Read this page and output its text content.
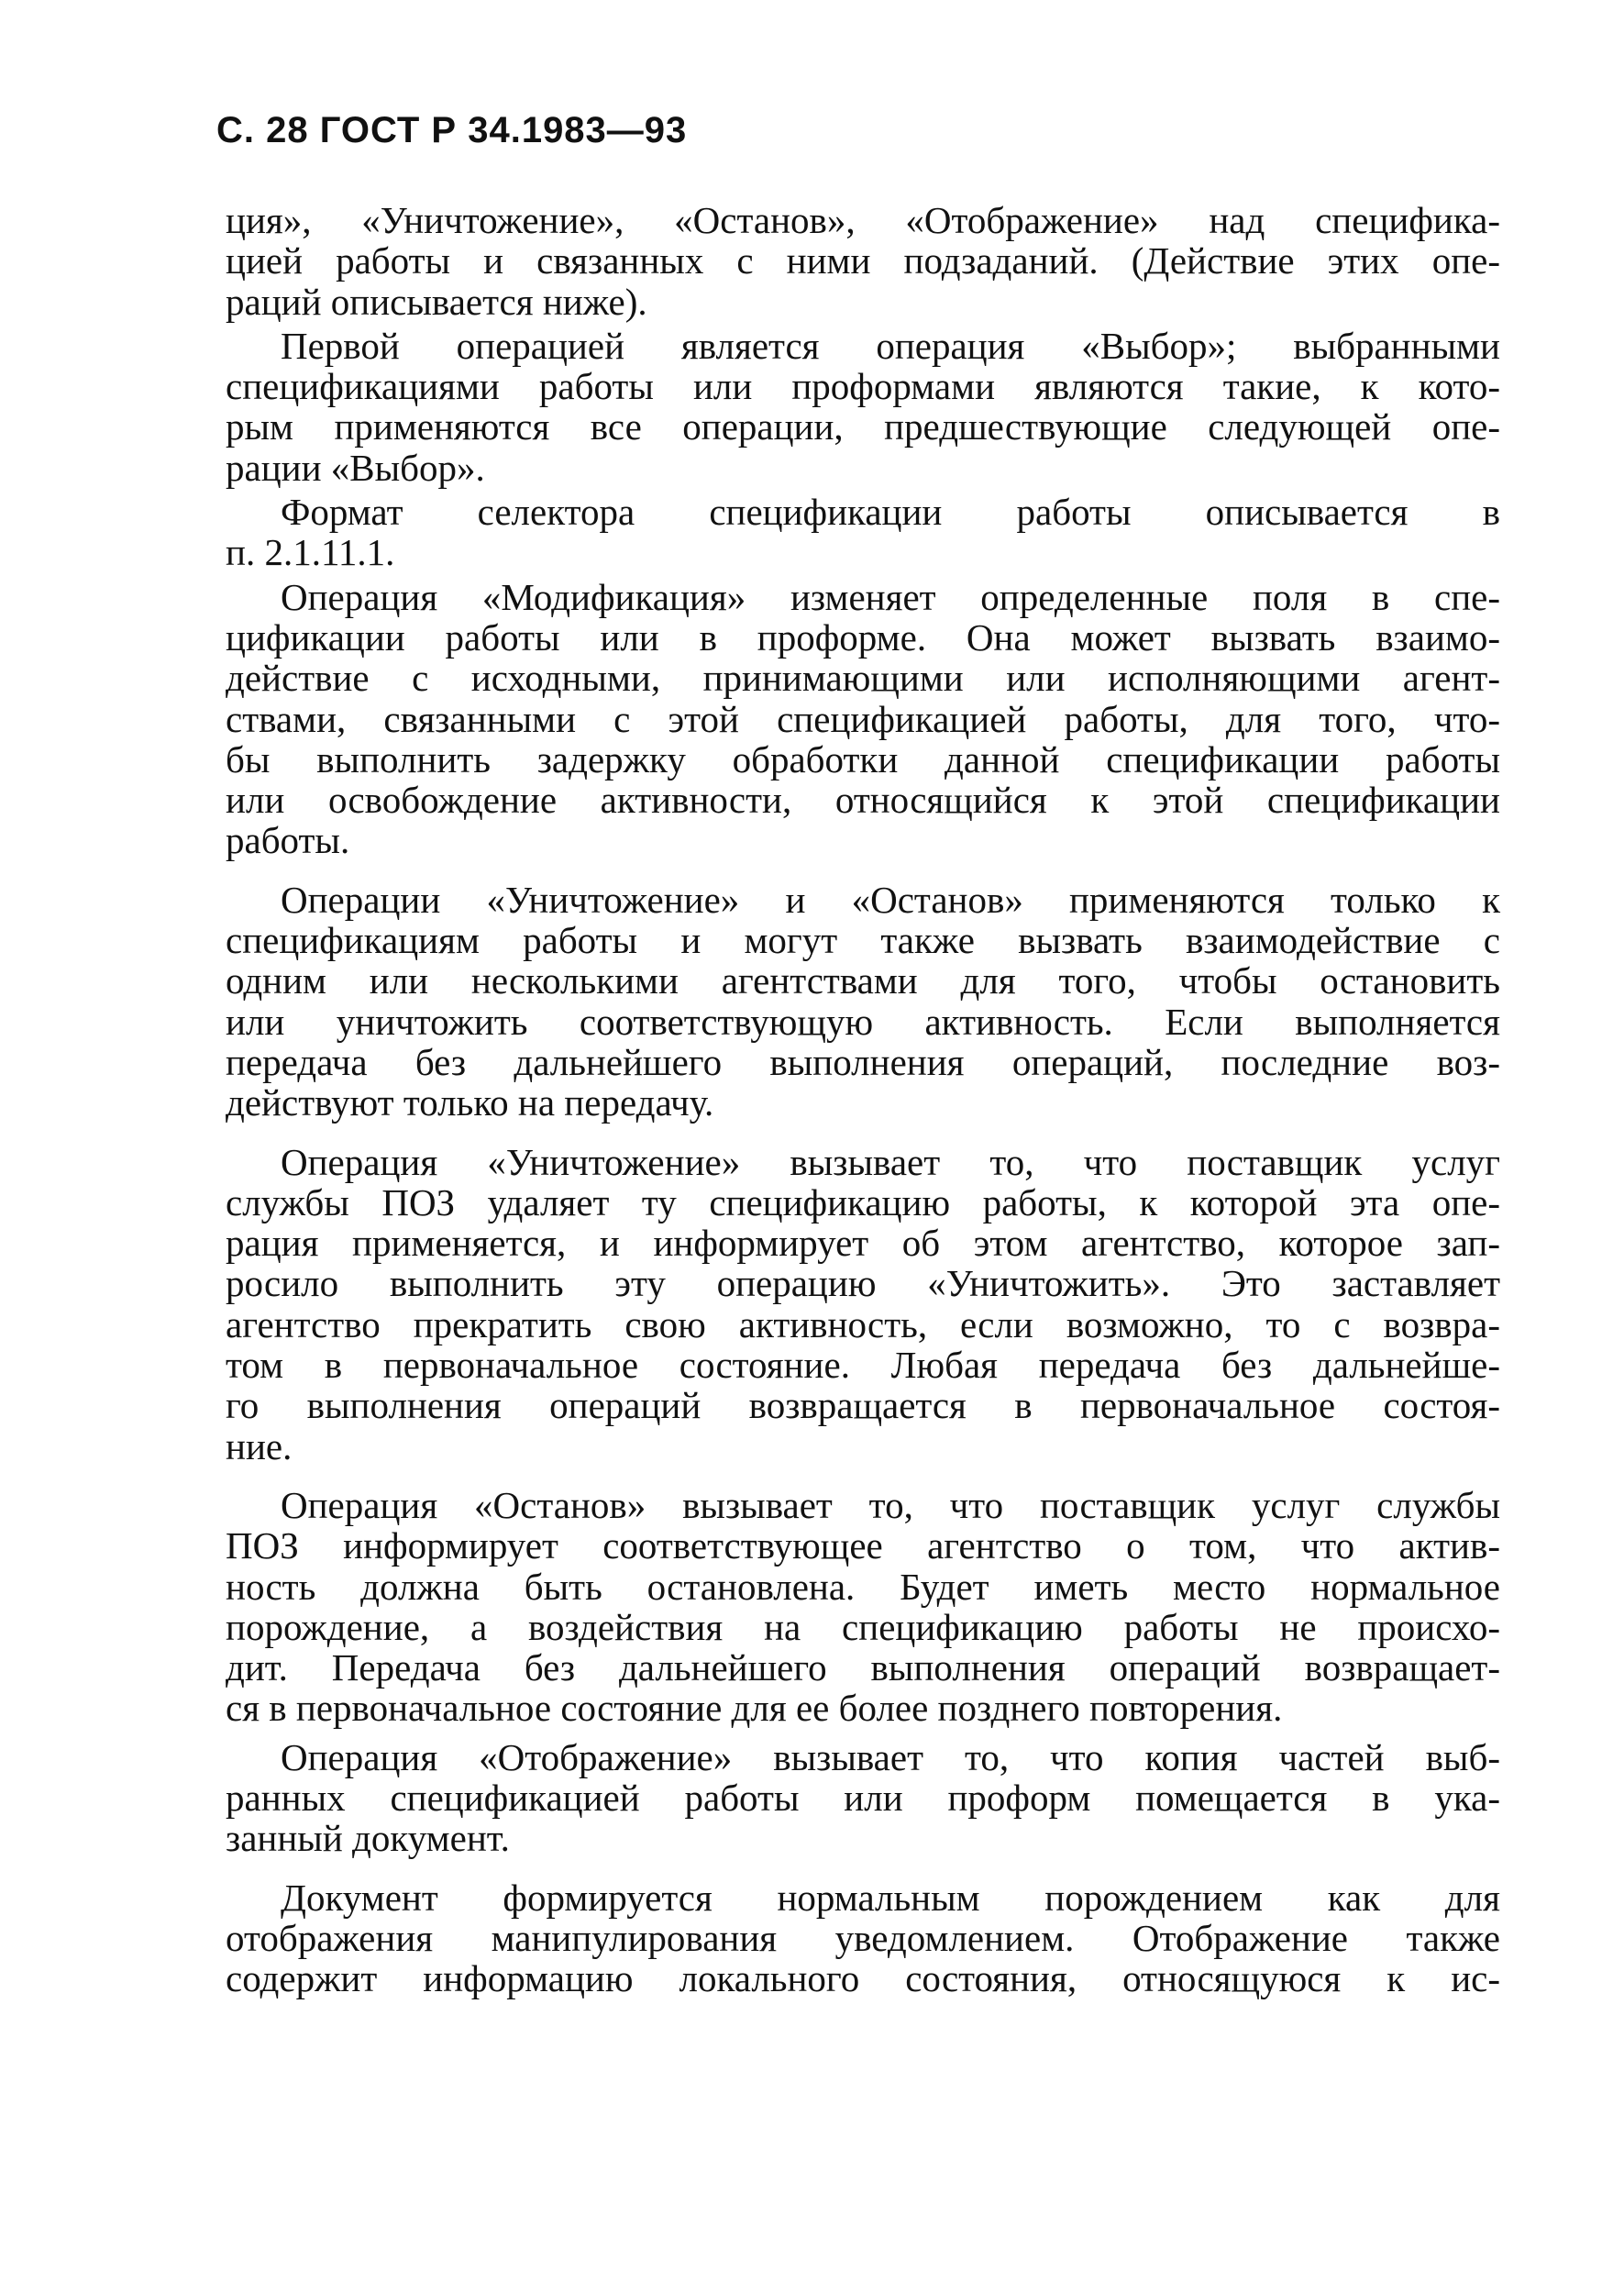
С. 28 ГОСТ Р 34.1983—93

ция», «Уничтожение», «Останов», «Отображение» над специфика-
цией работы и связанных с ними подзаданий. (Действие этих опе-
раций описывается ниже).

Первой операцией является операция «Выбор»; выбранными
спецификациями работы или проформами являются такие, к кото-
рым применяются все операции, предшествующие следующей опе-
рации «Выбор».

Формат селектора спецификации работы описывается в
п. 2.1.11.1.

Операция «Модификация» изменяет определенные поля в спе-
цификации работы или в проформе. Она может вызвать взаимо-
действие с исходными, принимающими или исполняющими агент-
ствами, связанными с этой спецификацией работы, для того, что-
бы выполнить задержку обработки данной спецификации работы
или освобождение активности, относящийся к этой спецификации
работы.

Операции «Уничтожение» и «Останов» применяются только к
спецификациям работы и могут также вызвать взаимодействие с
одним или несколькими агентствами для того, чтобы остановить
или уничтожить соответствующую активность. Если выполняется
передача без дальнейшего выполнения операций, последние воз-
действуют только на передачу.

Операция «Уничтожение» вызывает то, что поставщик услуг
службы ПОЗ удаляет ту спецификацию работы, к которой эта опе-
рация применяется, и информирует об этом агентство, которое зап-
росило выполнить эту операцию «Уничтожить». Это заставляет
агентство прекратить свою активность, если возможно, то с возвра-
том в первоначальное состояние. Любая передача без дальнейше-
го выполнения операций возвращается в первоначальное состоя-
ние.

Операция «Останов» вызывает то, что поставщик услуг службы
ПОЗ информирует соответствующее агентство о том, что актив-
ность должна быть остановлена. Будет иметь место нормальное
порождение, а воздействия на спецификацию работы не происхо-
дит. Передача без дальнейшего выполнения операций возвращает-
ся в первоначальное состояние для ее более позднего повторения.

Операция «Отображение» вызывает то, что копия частей выб-
ранных спецификацией работы или проформ помещается в ука-
занный документ.

Документ формируется нормальным порождением как для
отображения манипулирования уведомлением. Отображение также
содержит информацию локального состояния, относящуюся к ис-
